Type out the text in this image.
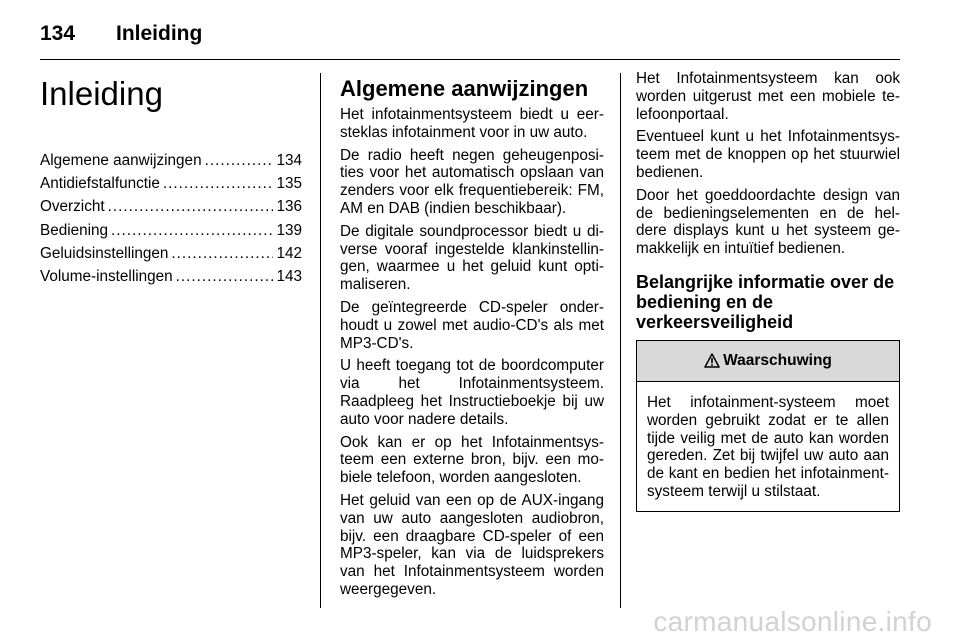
134	Inleiding
Inleiding
Algemene aanwijzingen .....	134
Antidiefstalfunctie .....	135
Overzicht .....	136
Bediening .....	139
Geluidsinstellingen .....	142
Volume-instellingen .....	143
Algemene aanwijzingen

Het infotainmentsysteem biedt u eersteklas infotainment voor in uw auto.

De radio heeft negen geheugenposities voor het automatisch opslaan van zenders voor elk frequentiebereik: FM, AM en DAB (indien beschikbaar).

De digitale soundprocessor biedt u diverse vooraf ingestelde klankinstellingen, waarmee u het geluid kunt optimaliseren.

De geïntegreerde CD-speler onderhoudt u zowel met audio-CD's als met MP3-CD's.

U heeft toegang tot de boordcomputer via het Infotainmentsysteem. Raadpleeg het Instructieboekje bij uw auto voor nadere details.

Ook kan er op het Infotainmentsysteem een externe bron, bijv. een mobiele telefoon, worden aangesloten.

Het geluid van een op de AUX-ingang van uw auto aangesloten audiobron, bijv. een draagbare CD-speler of een MP3-speler, kan via de luidsprekers van het Infotainmentsysteem worden weergegeven.

Het Infotainmentsysteem kan ook worden uitgerust met een mobiele telefoonportaal.

Eventueel kunt u het Infotainmentsysteem met de knoppen op het stuurwiel bedienen.

Door het goeddoordachte design van de bedieningselementen en de heldere displays kunt u het systeem gemakkelijk en intuïtief bedienen.

Belangrijke informatie over de bediening en de verkeersveiligheid
Waarschuwing

Het infotainment-systeem moet worden gebruikt zodat er te allen tijde veilig met de auto kan worden gereden. Zet bij twijfel uw auto aan de kant en bedien het infotainment-systeem terwijl u stilstaat.

carmanualsonline.info
